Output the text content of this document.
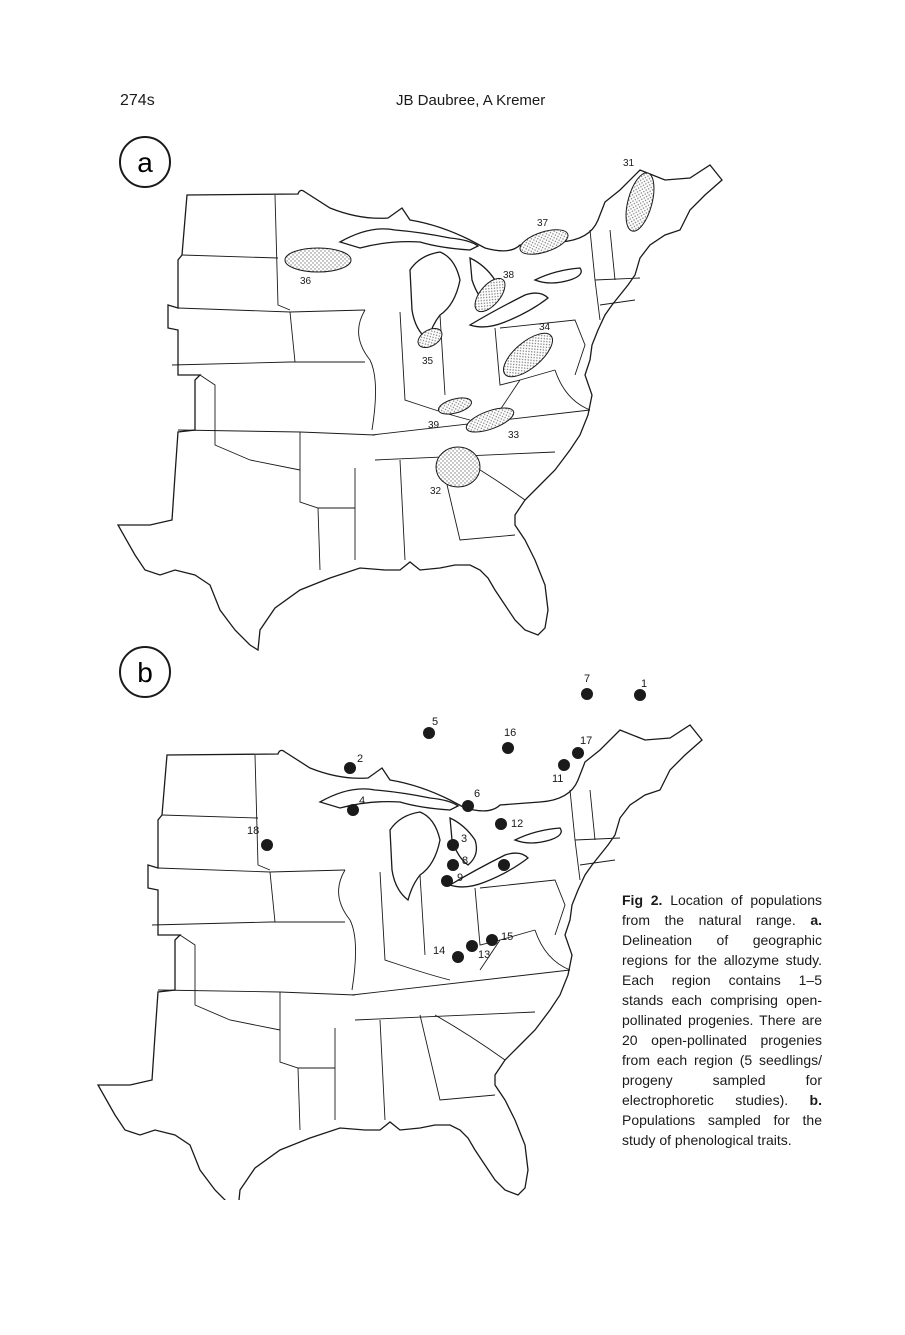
274s	JB Daubree, A Kremer
a	31
32
33
34
35
36
37
38
39
b	1
2
3
4
5
6
7
8
9
11
12
13
14
15
16
17
18
Fig 2. Location of populations from the natural range. a. Delineation of geographic regions for the allozyme study. Each region contains 1–5 stands each comprising open-pollinated progenies. There are 20 open-pollinated progenies from each region (5 seedlings/ progeny sampled for electrophoretic studies). b. Populations sampled for the study of phenological traits.
